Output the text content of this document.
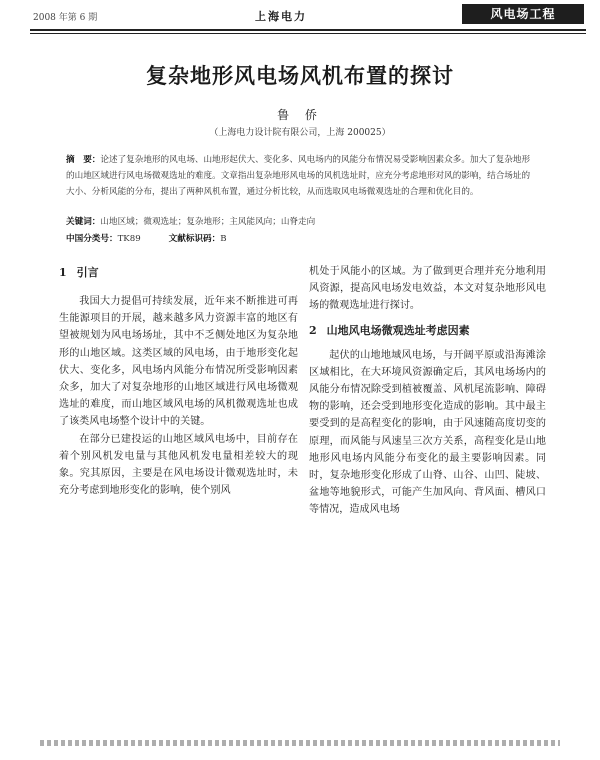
2008 年第 6 期	上海电力	风电场工程
复杂地形风电场风机布置的探讨
鲁 侨
（上海电力设计院有限公司，上海 200025）
摘　要：论述了复杂地形的风电场、山地形起伏大、变化多、风电场内的风能分布情况易受影响因素众多。加大了复杂地形的山地区域进行风电场微观选址的难度。文章指出复杂地形风电场的风机选址时，应充分考虑地形对风的影响，结合场址的大小、分析风能的分布，提出了两种风机布置，通过分析比较，从而选取风电场微观选址的合理和优化目的。
关键词：山地区域；微观选址；复杂地形；主风能风向；山脊走向
中国分类号：TK89	文献标识码：B
1 引言

我国大力提倡可持续发展，近年来不断推进可再生能源项目的开展，越来越多风力资源丰富的地区有望被规划为风电场场址，其中不乏侧处地区为复杂地形的山地区域。这类区域的风电场，由于地形变化起伏大、变化多，风电场内风能分布情况所受影响因素众多，加大了对复杂地形的山地区域进行风电场微观选址的难度，而山地区域风电场的风机微观选址也成了该类风电场整个设计中的关键。

在部分已建投运的山地区域风电场中，目前存在着个别风机发电量与其他风机发电量相差较大的现象。究其原因，主要是在风电场设计微观选址时，未充分考虑到地形变化的影响，使个别风

机处于风能小的区域。为了做到更合理并充分地利用风资源，提高风电场发电效益，本文对复杂地形风电场的微观选址进行探讨。

2 山地风电场微观选址考虑因素

起伏的山地地域风电场，与开阔平原或沿海滩涂区域相比，在大环境风资源确定后，其风电场场内的风能分布情况除受到植被覆盖、风机尾流影响、障碍物的影响，还会受到地形变化造成的影响。其中最主要受到的是高程变化的影响，由于风速随高度切变的原理，而风能与风速呈三次方关系，高程变化是山地地形风电场内风能分布变化的最主要影响因素。同时，复杂地形变化形成了山脊、山谷、山凹、陡坡、盆地等地貌形式，可能产生加风向、背风面、槽风口等情况，造成风电场
